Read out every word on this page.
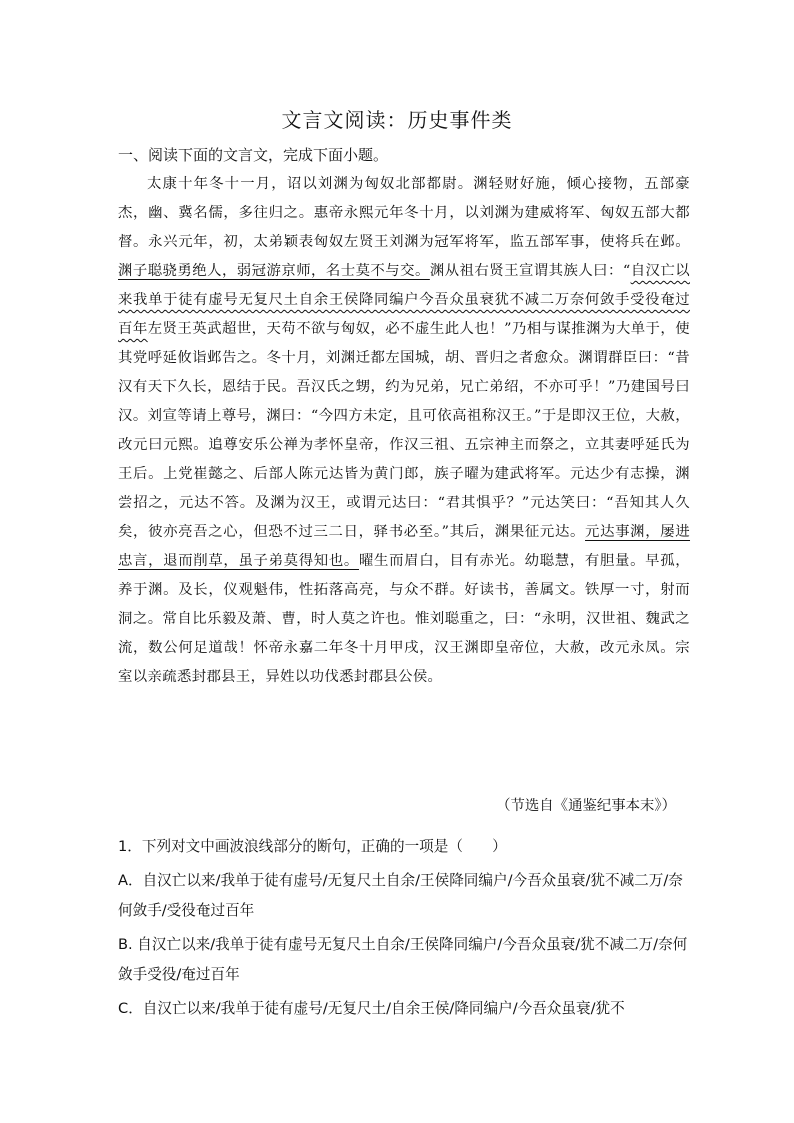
文言文阅读：历史事件类
一、阅读下面的文言文，完成下面小题。

太康十年冬十一月，诏以刘渊为匈奴北部都尉。渊轻财好施，倾心接物，五部豪杰，幽、冀名儒，多往归之。惠帝永熙元年冬十月，以刘渊为建威将军、匈奴五部大都督。永兴元年，初，太弟颖表匈奴左贤王刘渊为冠军将军，监五部军事，使将兵在邺。渊子聪骁勇绝人，弱冠游京师，名士莫不与交。渊从祖右贤王宣谓其族人曰：“自汉亡以来我单于徒有虚号无复尺土自余王侯降同编户今吾众虽衰犹不减二万奈何敛手受役奄过百年左贤王英武超世，天苟不欲与匈奴，必不虚生此人也！”乃相与谋推渊为大单于，使其党呼延攸诣邺告之。冬十月，刘渊迁都左国城，胡、晋归之者愈众。渊谓群臣曰：“昔汉有天下久长，恩结于民。吾汉氏之甥，约为兄弟，兄亡弟绍，不亦可乎！”乃建国号曰汉。刘宣等请上尊号，渊曰：“今四方未定，且可依高祖称汉王。”于是即汉王位，大赦，改元曰元熙。追尊安乐公禅为孝怀皇帝，作汉三祖、五宗神主而祭之，立其妻呼延氏为王后。上党崔懿之、后部人陈元达皆为黄门郎，族子曜为建武将军。元达少有志操，渊尝招之，元达不答。及渊为汉王，或谓元达曰：“君其惧乎？”元达笑曰：“吾知其人久矣，彼亦亮吾之心，但恐不过三二日，驿书必至。”其后，渊果征元达。元达事渊，屡进忠言，退而削草，虽子弟莫得知也。曜生而眉白，目有赤光。幼聪慧，有胆量。早孤，养于渊。及长，仪观魁伟，性拓落高亮，与众不群。好读书，善属文。铁厚一寸，射而洞之。常自比乐毅及萧、曹，时人莫之许也。惟刘聪重之，曰：“永明，汉世祖、魏武之流，数公何足道哉！怀帝永嘉二年冬十月甲戌，汉王渊即皇帝位，大赦，改元永凤。宗室以亲疏悉封郡县王，异姓以功伐悉封郡县公侯。

（节选自《通鉴纪事本末》）

1．下列对文中画波浪线部分的断句，正确的一项是（　　）

A．自汉亡以来/我单于徒有虚号/无复尺土自余/王侯降同编户/今吾众虽衰/犹不减二万/奈何敛手/受役奄过百年

B. 自汉亡以来/我单于徒有虚号无复尺土自余/王侯降同编户/今吾众虽衰/犹不减二万/奈何敛手受役/奄过百年

C．自汉亡以来/我单于徒有虚号/无复尺土/自余王侯/降同编户/今吾众虽衰/犹不
